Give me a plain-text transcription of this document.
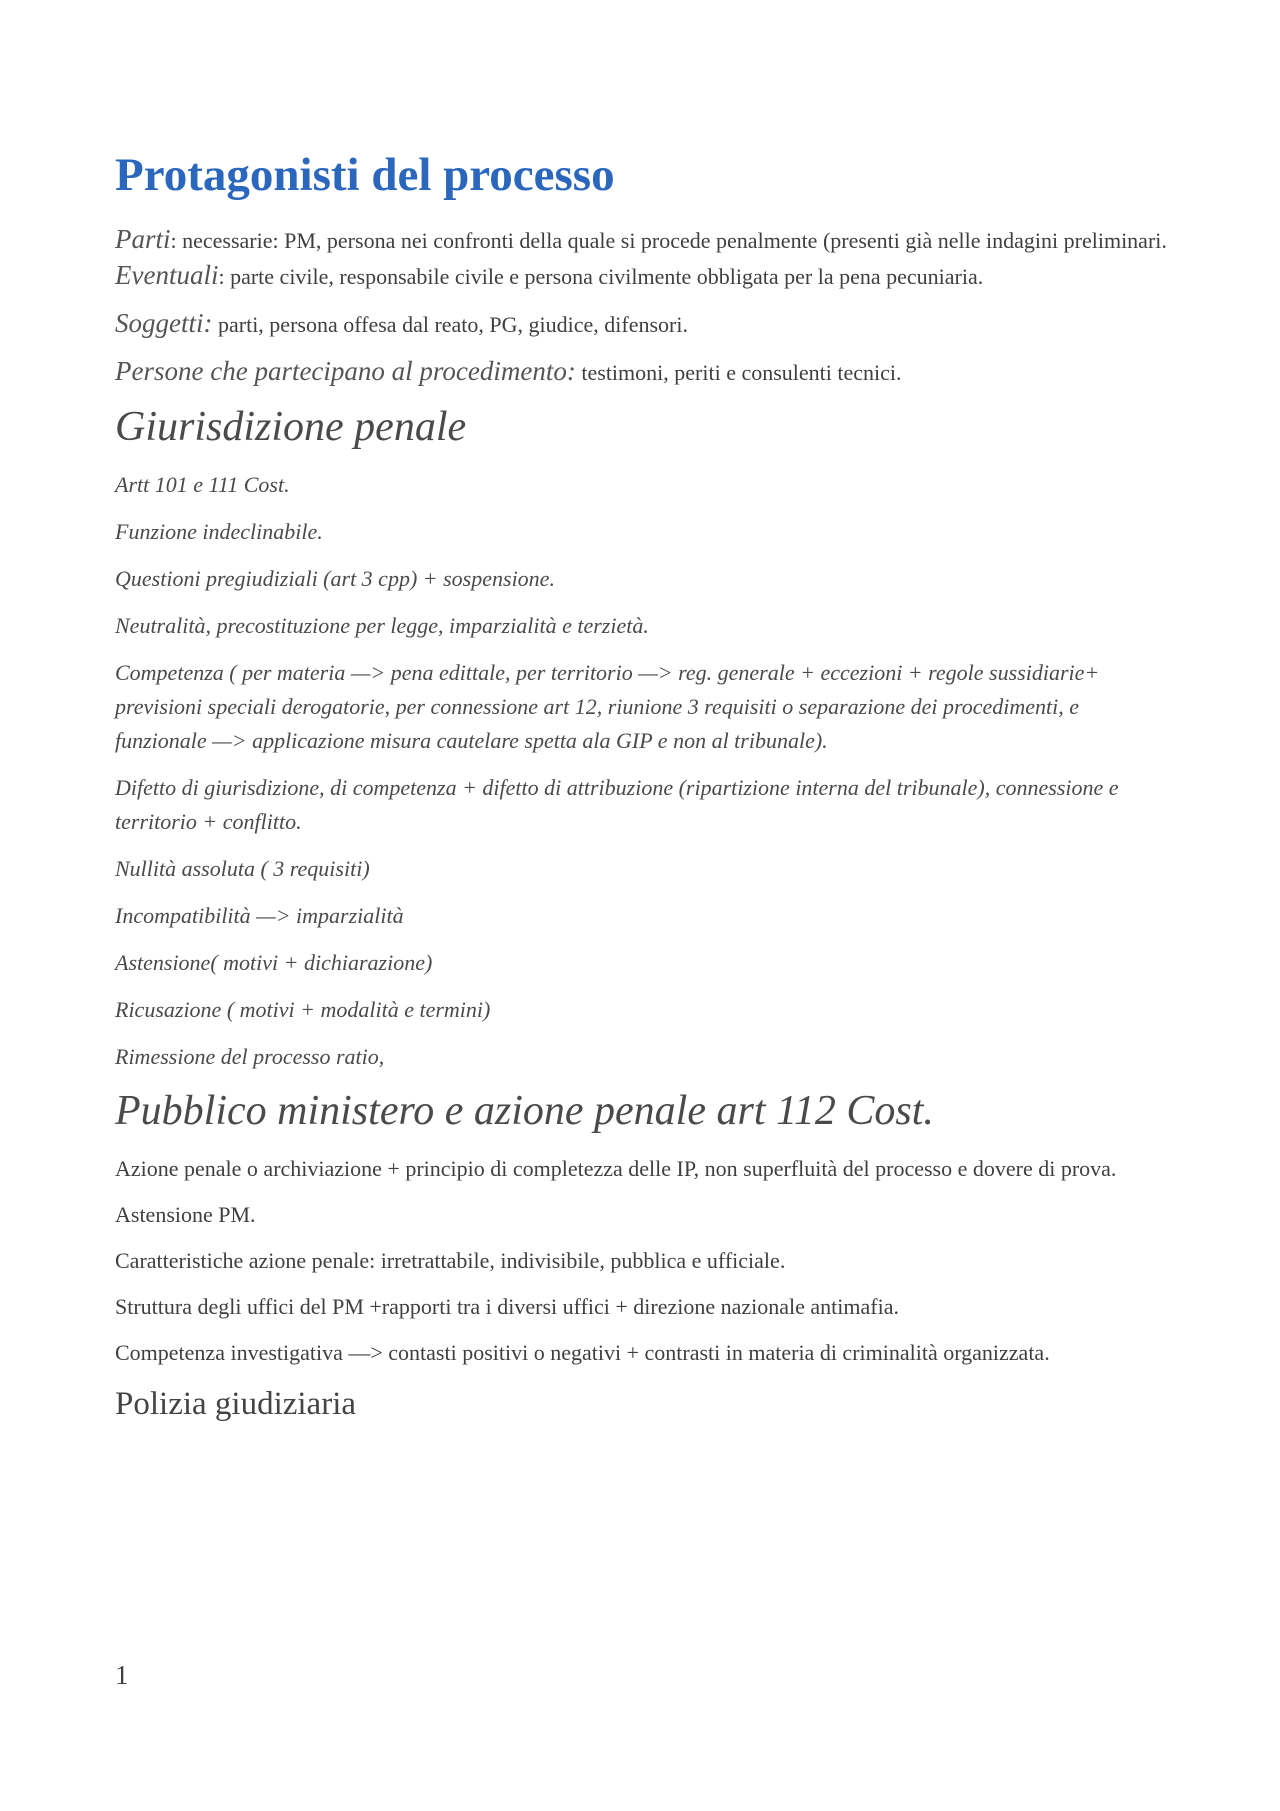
Protagonisti del processo

Parti: necessarie: PM, persona nei confronti della quale si procede penalmente (presenti già nelle indagini preliminari. Eventuali: parte civile, responsabile civile e persona civilmente obbligata per la pena pecuniaria.

Soggetti: parti, persona offesa dal reato, PG, giudice, difensori.

Persone che partecipano al procedimento: testimoni, periti e consulenti tecnici.

Giurisdizione penale

Artt 101 e 111 Cost.

Funzione indeclinabile.

Questioni pregiudiziali (art 3 cpp) + sospensione.

Neutralità, precostituzione per legge, imparzialità e terzietà.

Competenza ( per materia —> pena edittale, per territorio —> reg. generale + eccezioni + regole sussidiarie+ previsioni speciali derogatorie, per connessione art 12, riunione 3 requisiti o separazione dei procedimenti, e funzionale —> applicazione misura cautelare spetta ala GIP e non al tribunale).

Difetto di giurisdizione, di competenza + difetto di attribuzione (ripartizione interna del tribunale), connessione e territorio + conflitto.

Nullità assoluta ( 3 requisiti)

Incompatibilità —> imparzialità

Astensione( motivi + dichiarazione)

Ricusazione ( motivi + modalità e termini)

Rimessione del processo ratio,

Pubblico ministero e azione penale art 112 Cost.

Azione penale o archiviazione + principio di completezza delle IP, non superfluità del processo e dovere di prova.

Astensione PM.

Caratteristiche azione penale: irretrattabile, indivisibile, pubblica e ufficiale.

Struttura degli uffici del PM +rapporti tra i diversi uffici + direzione nazionale antimafia.

Competenza investigativa —> contasti positivi o negativi + contrasti in materia di criminalità organizzata.

Polizia giudiziaria
1
